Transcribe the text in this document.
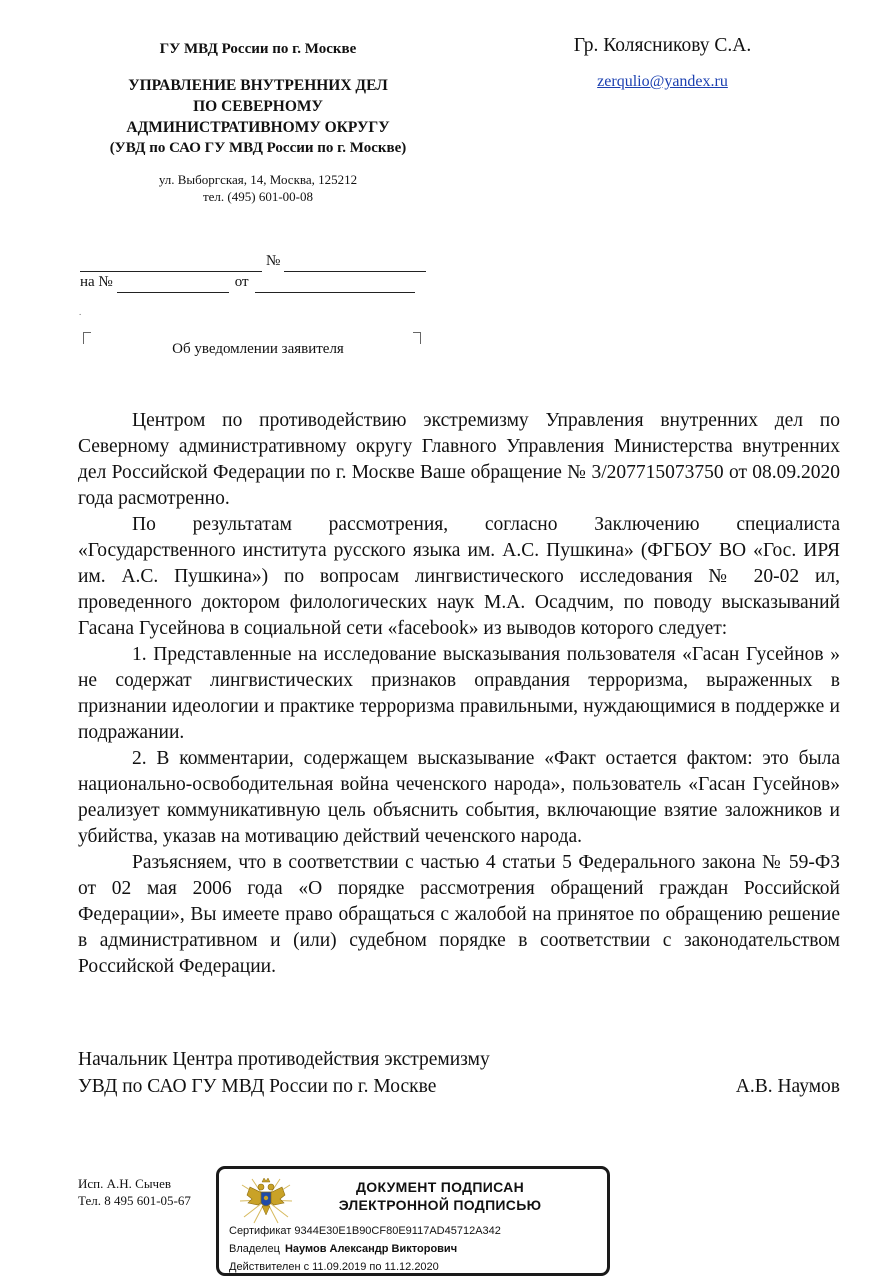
ГУ МВД России по г. Москве
УПРАВЛЕНИЕ ВНУТРЕННИХ ДЕЛ
ПО СЕВЕРНОМУ
АДМИНИСТРАТИВНОМУ ОКРУГУ
(УВД по САО ГУ МВД России по г. Москве)
ул. Выборгская, 14, Москва, 125212
тел. (495) 601-00-08
№
на №	от
.
Об уведомлении заявителя
Гр. Колясникову С.А.
zerqulio@yandex.ru

Центром по противодействию экстремизму Управления внутренних дел по Северному административному округу Главного Управления Министерства внутренних дел Российской Федерации по г. Москве Ваше обращение № 3/207715073750 от 08.09.2020 года расмотренно.

По результатам рассмотрения, согласно Заключению специалиста «Государственного института русского языка им. А.С. Пушкина» (ФГБОУ ВО «Гос. ИРЯ им. А.С. Пушкина») по вопросам лингвистического исследования № 20-02 ил, проведенного доктором филологических наук М.А. Осадчим, по поводу высказываний Гасана Гусейнова в социальной сети «facebook» из выводов которого следует:

1. Представленные на исследование высказывания пользователя «Гасан Гусейнов » не содержат лингвистических признаков оправдания терроризма, выраженных в признании идеологии и практике терроризма правильными, нуждающимися в поддержке и подражании.

2. В комментарии, содержащем высказывание «Факт остается фактом: это была национально-освободительная война чеченского народа», пользователь «Гасан Гусейнов» реализует коммуникативную цель объяснить события, включающие взятие заложников и убийства, указав на мотивацию действий чеченского народа.

Разъясняем, что в соответствии с частью 4 статьи 5 Федерального закона № 59-ФЗ от 02 мая 2006 года «О порядке рассмотрения обращений граждан Российской Федерации», Вы имеете право обращаться с жалобой на принятое по обращению решение в административном и (или) судебном порядке в соответствии с законодательством Российской Федерации.

Начальник Центра противодействия экстремизму
УВД по САО ГУ МВД России по г. Москве	А.В. Наумов
Исп. А.Н. Сычев
Тел. 8 495 601-05-67
ДОКУМЕНТ ПОДПИСАН
ЭЛЕКТРОННОЙ ПОДПИСЬЮ
Сертификат 9344E30E1B90CF80E9117AD45712A342
Владелец Наумов Александр Викторович
Действителен с 11.09.2019 по 11.12.2020
